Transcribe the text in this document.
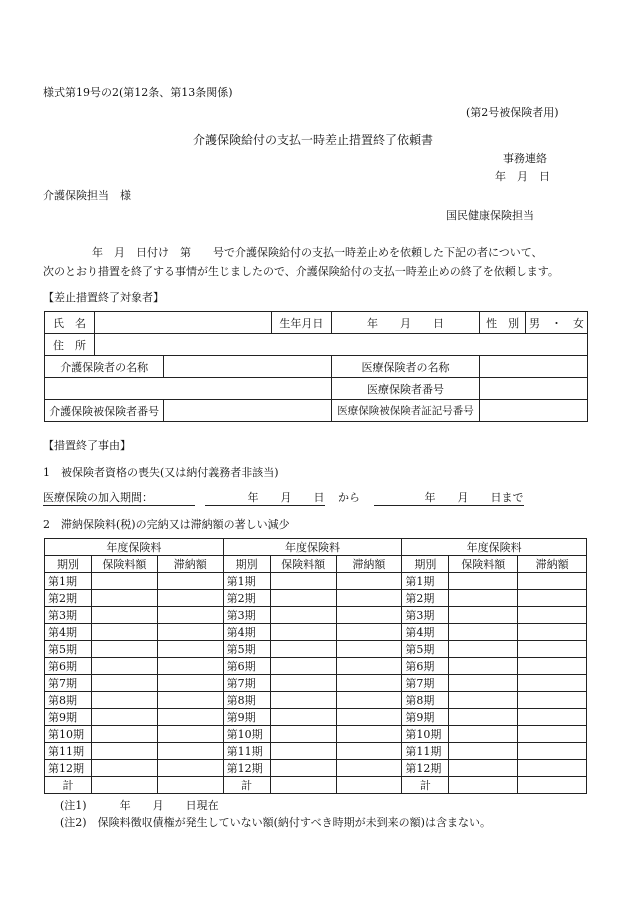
様式第19号の2(第12条、第13条関係)
(第2号被保険者用)
介護保険給付の支払一時差止措置終了依頼書
事務連絡
年　月　日
介護保険担当　様
国民健康保険担当
年　月　日付け　第　　号で介護保険給付の支払一時差止めを依頼した下記の者について、
次のとおり措置を終了する事情が生じましたので、介護保険給付の支払一時差止めの終了を依頼します。
【差止措置終了対象者】
氏　名			生年月日	年　　月　　日	性　別	男　・　女
住　所						
介護保険者の名称				医療保険者の名称		
				医療保険者番号		
介護保険被保険者番号				医療保険被保険者証記号番号		
【措置終了事由】
1　被保険者資格の喪失(又は納付義務者非該当)
医療保険の加入期間：	年　　月　　日 から	年　　月　　日まで
2　滞納保険料(税)の完納又は滞納額の著しい減少
年度保険料			年度保険料			年度保険料		
期別	保険料額	滞納額	期別	保険料額	滞納額	期別	保険料額	滞納額
第1期			第1期			第1期		
第2期			第2期			第2期		
第3期			第3期			第3期		
第4期			第4期			第4期		
第5期			第5期			第5期		
第6期			第6期			第6期		
第7期			第7期			第7期		
第8期			第8期			第8期		
第9期			第9期			第9期		
第10期			第10期			第10期		
第11期			第11期			第11期		
第12期			第12期			第12期		
計			計			計		
(注1)　　　年　　月　　日現在
(注2)　保険料徴収債権が発生していない額(納付すべき時期が未到来の額)は含まない。
